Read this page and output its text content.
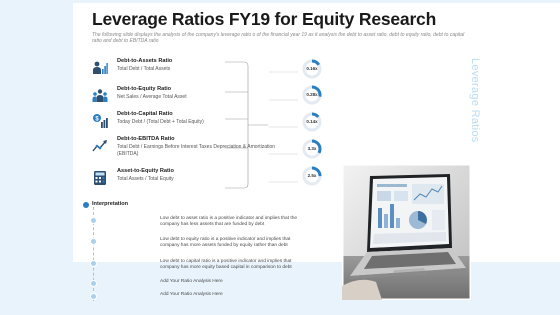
Leverage Ratios FY19 for Equity Research
The following slide displays the analysis of the company's leverage ratio o of the financial year 19 as it analysis the debt to asset ratio, debt to equity ratio, debt to capital ratio and debt to EBITDA ratio
Debt-to-Assets Ratio
Total Debt / Total Assets
Debt-to-Equity Ratio
Net Sales / Average Total Asset
$
Debt-to-Capital Ratio
Today Debt / (Total Debt + Total Equity)
Debt-to-EBITDA Ratio
Total Debt / Earnings Before Interest Taxes Depreciation & Amortization (EBITDA)
Asset-to-Equity Ratio
Total Assets / Total Equity
0.16x
0.28x
0.14x
3.3x
2.5x
Leverage Ratios
Interpretation
Low debt to asset ratio is a positive indicator and implies that the company has less assets that are funded by debt
Low debt to equity ratio is a positive indicator and implies that company has more assets funded by equity rather than debt
Low debt to capital ratio is a positive indicator and implies that company has more equity based capital in comparison to debt
Add Your Ratio Analysis Here
Add Your Ratio Analysis Here
